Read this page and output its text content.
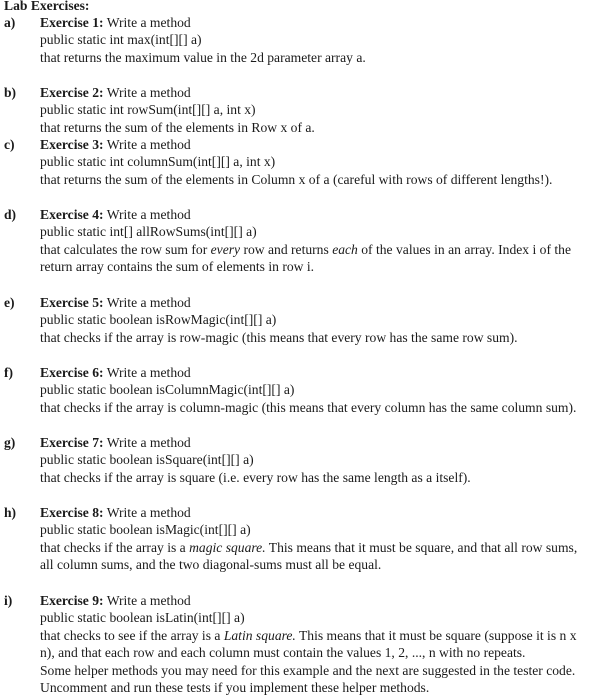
Lab Exercises:
a) Exercise 1: Write a method
public static int max(int[][] a)
that returns the maximum value in the 2d parameter array a.
b) Exercise 2: Write a method
public static int rowSum(int[][] a, int x)
that returns the sum of the elements in Row x of a.
c) Exercise 3: Write a method
public static int columnSum(int[][] a, int x)
that returns the sum of the elements in Column x of a (careful with rows of different lengths!).
d) Exercise 4: Write a method
public static int[] allRowSums(int[][] a)
that calculates the row sum for every row and returns each of the values in an array. Index i of the return array contains the sum of elements in row i.
e) Exercise 5: Write a method
public static boolean isRowMagic(int[][] a)
that checks if the array is row-magic (this means that every row has the same row sum).
f) Exercise 6: Write a method
public static boolean isColumnMagic(int[][] a)
that checks if the array is column-magic (this means that every column has the same column sum).
g) Exercise 7: Write a method
public static boolean isSquare(int[][] a)
that checks if the array is square (i.e. every row has the same length as a itself).
h) Exercise 8: Write a method
public static boolean isMagic(int[][] a)
that checks if the array is a magic square. This means that it must be square, and that all row sums, all column sums, and the two diagonal-sums must all be equal.
i) Exercise 9: Write a method
public static boolean isLatin(int[][] a)
that checks to see if the array is a Latin square. This means that it must be square (suppose it is n x n), and that each row and each column must contain the values 1, 2, ..., n with no repeats.
Some helper methods you may need for this example and the next are suggested in the tester code.
Uncomment and run these tests if you implement these helper methods.
